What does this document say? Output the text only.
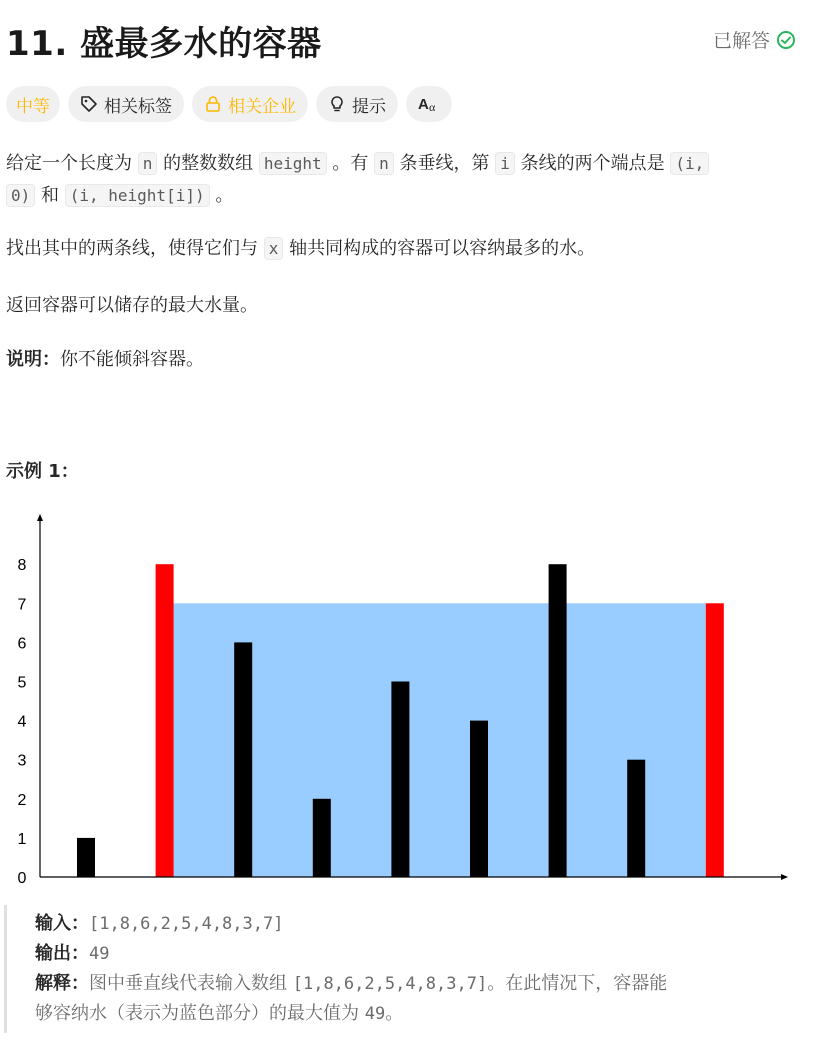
11. 盛最多水的容器	已解答
中等	相关标签	相关企业	提示 A α
给定一个长度为 n 的整数数组 height 。有 n 条垂线，第 i 条线的两个端点是 (i,
0) 和 (i, height[i]) 。
找出其中的两条线，使得它们与 x 轴共同构成的容器可以容纳最多的水。
返回容器可以储存的最大水量。
说明：你不能倾斜容器。
示例 1：
0
1
2
3
4
5
6
7
8
输入：[1,8,6,2,5,4,8,3,7]
输出：49
解释：图中垂直线代表输入数组 [1,8,6,2,5,4,8,3,7]。在此情况下，容器能
够容纳水（表示为蓝色部分）的最大值为 49。
